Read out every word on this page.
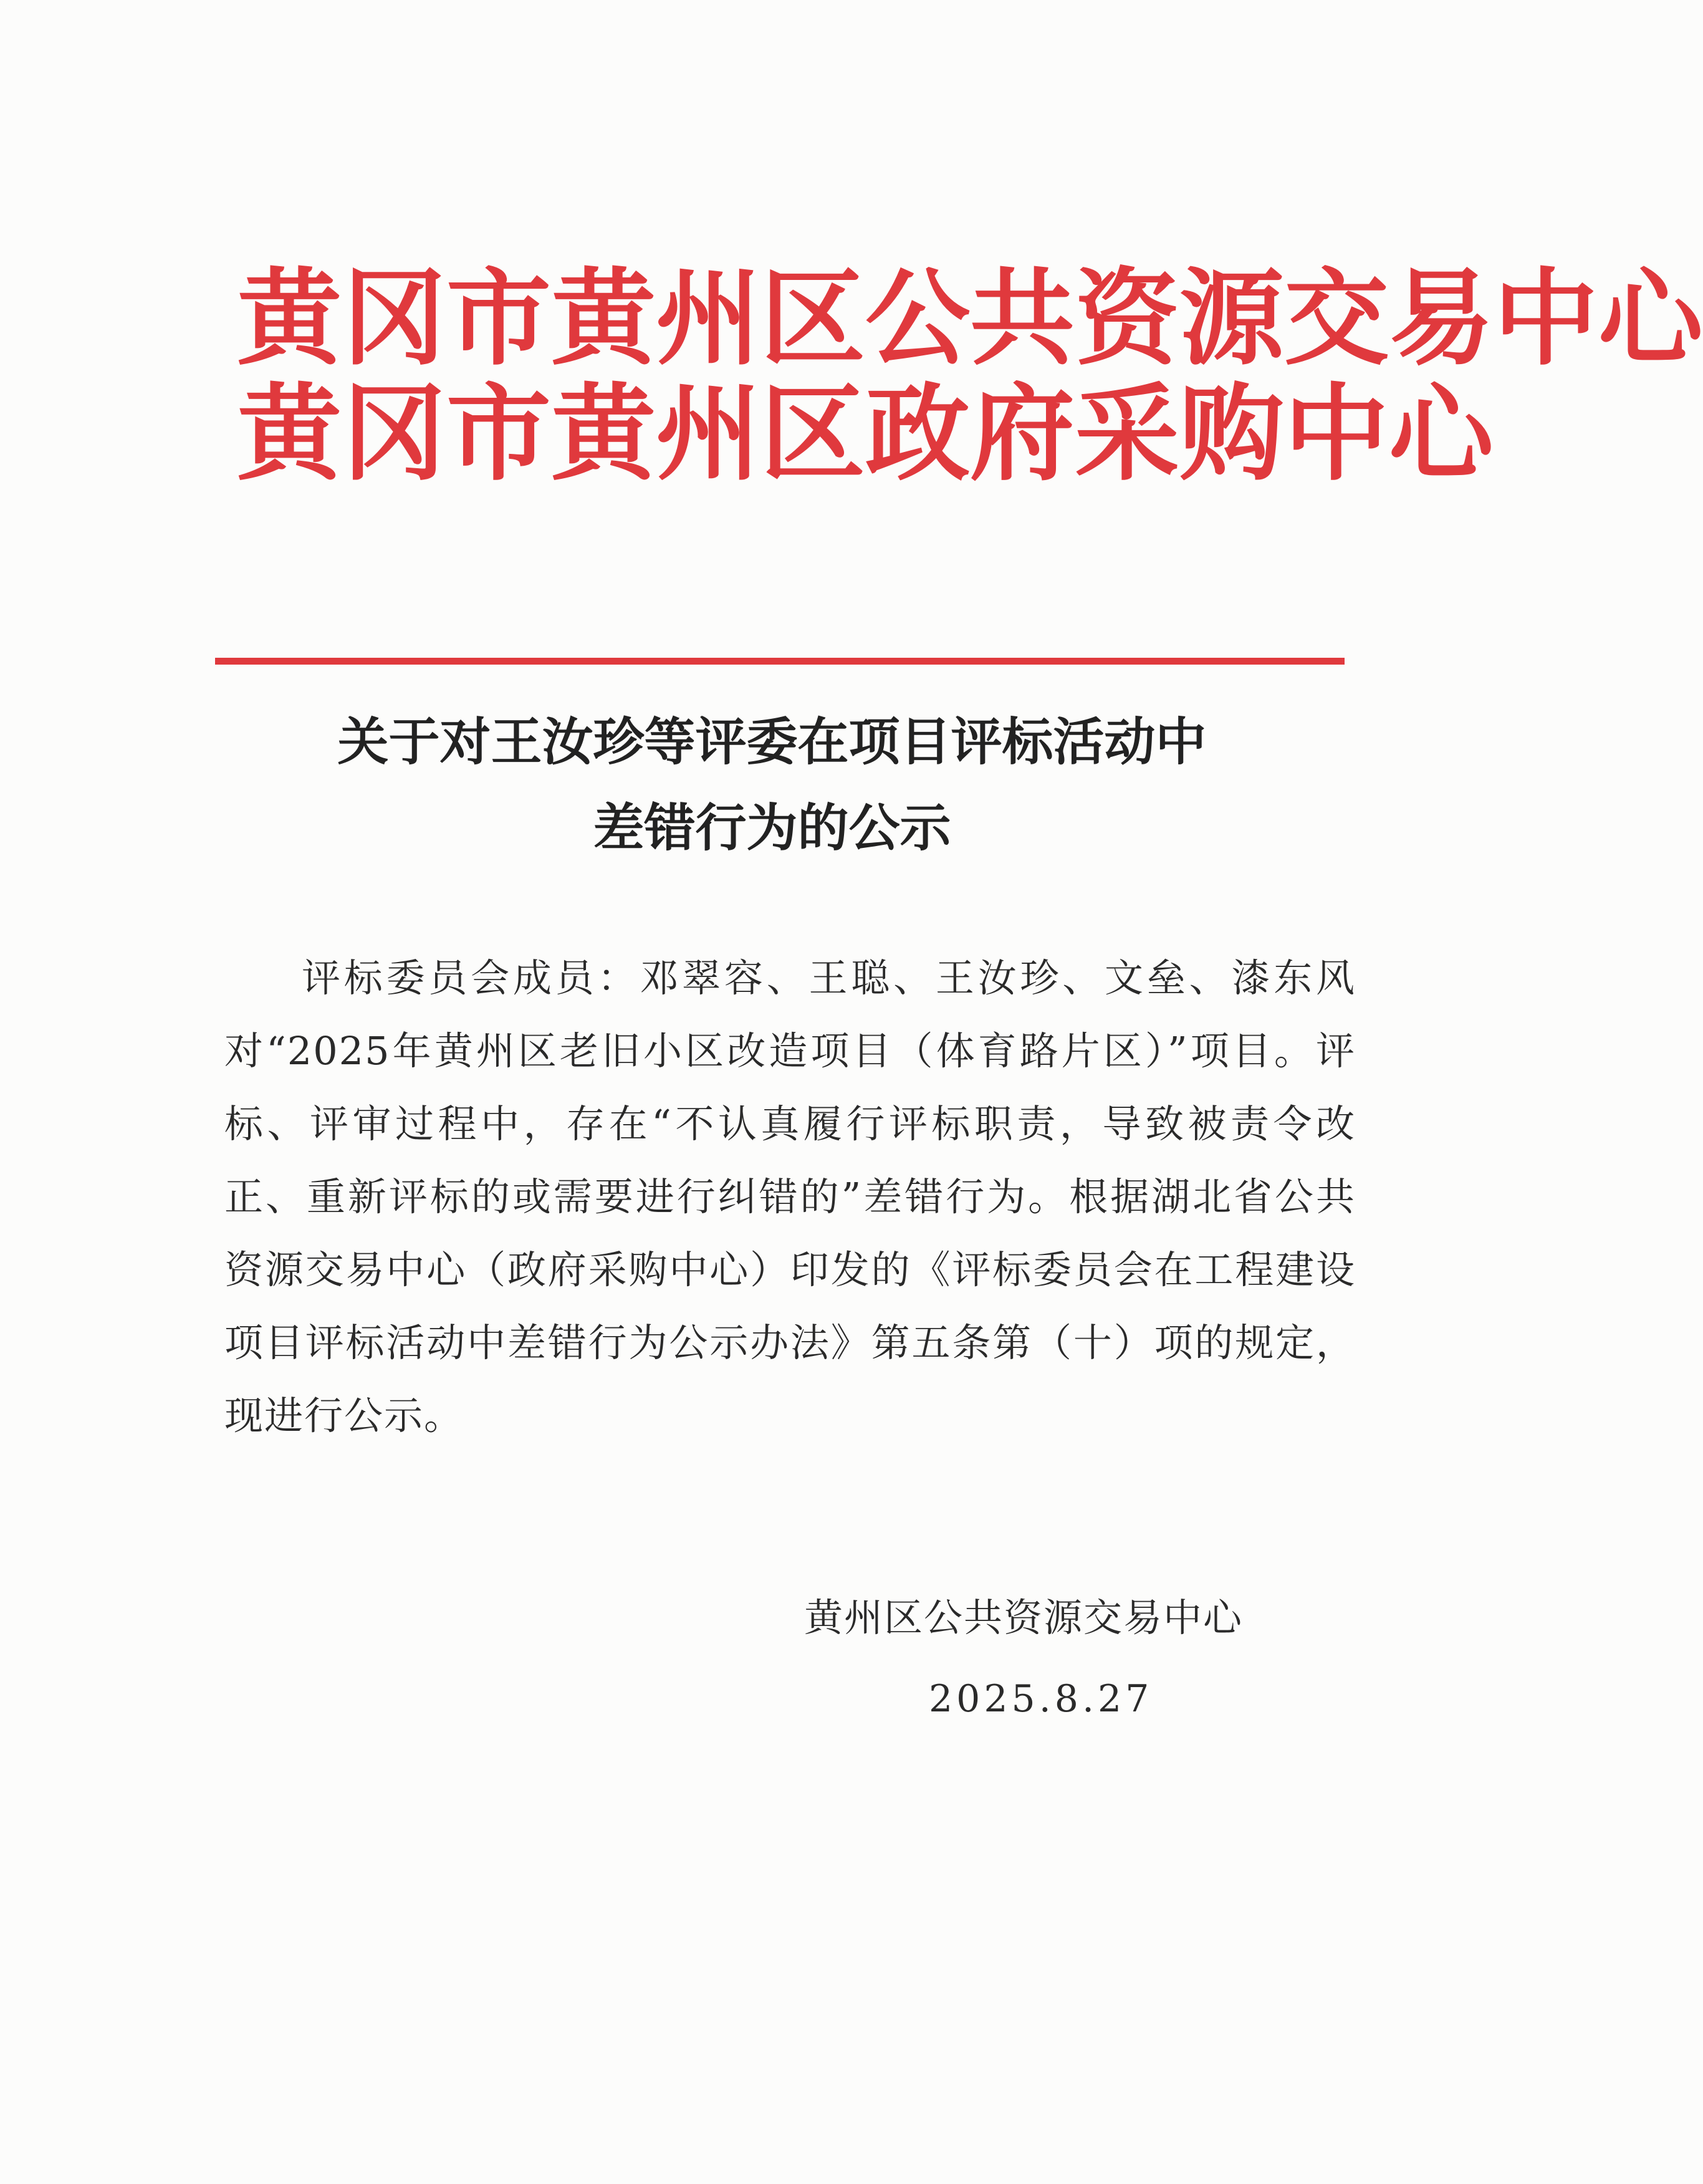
黄冈市黄州区公共资源交易中心
黄冈市黄州区政府采购中心
关于对王汝珍等评委在项目评标活动中
差错行为的公示
评标委员会成员：邓翠容、王聪、王汝珍、文垒、漆东风对“2025年黄州区老旧小区改造项目（体育路片区）”项目。评标、评审过程中，存在“不认真履行评标职责，导致被责令改正、重新评标的或需要进行纠错的”差错行为。根据湖北省公共资源交易中心（政府采购中心）印发的《评标委员会在工程建设项目评标活动中差错行为公示办法》第五条第（十）项的规定，现进行公示。
黄州区公共资源交易中心
2025.8.27
